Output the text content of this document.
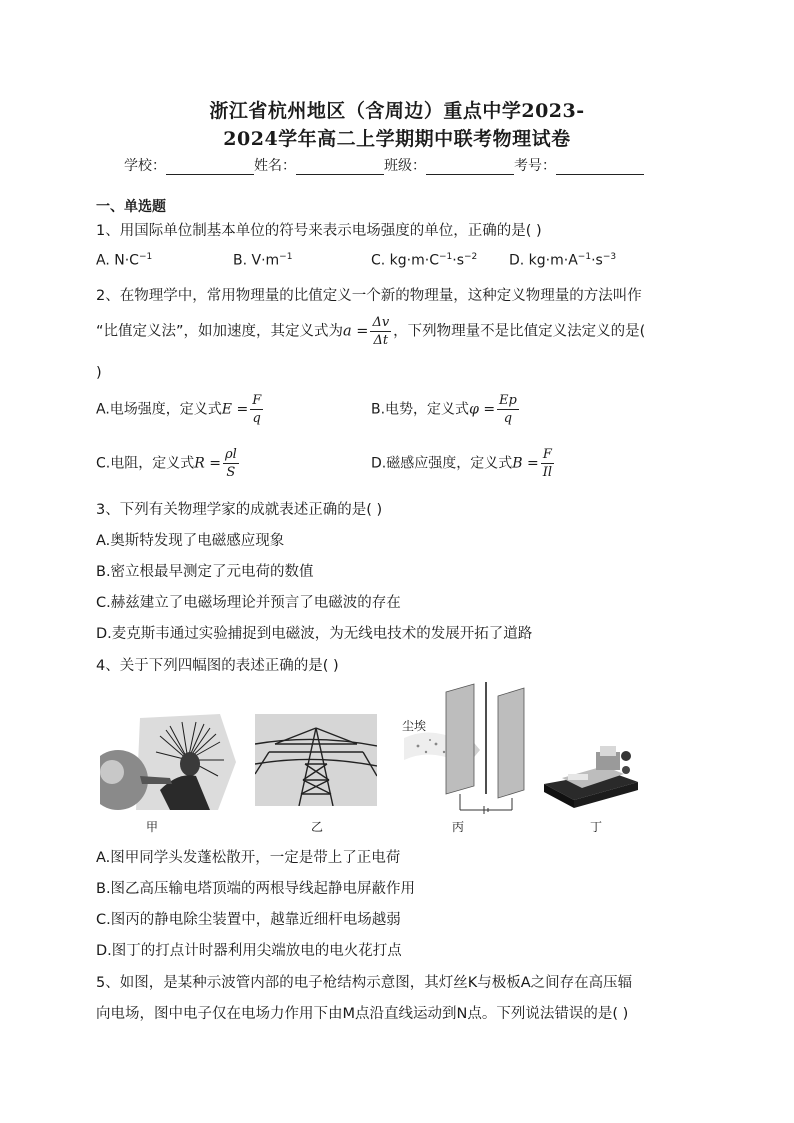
浙江省杭州地区（含周边）重点中学2023-
2024学年高二上学期期中联考物理试卷
学校：	姓名：	班级：	考号：
一、单选题
1、用国际单位制基本单位的符号来表示电场强度的单位，正确的是( )
A. $N\cdot C^{-1}$	B. $V\cdot m^{-1}$	C. $kg\cdot m\cdot C^{-1}\cdot s^{-2}$ D. $kg\cdot m\cdot A^{-1}\cdot s^{-3}$
2、在物理学中，常用物理量的比值定义一个新的物理量，这种定义物理量的方法叫作
“比值定义法”，如加速度，其定义式为$a = \frac{\Delta v}{\Delta t}$ ，下列物理量不是比值定义法定义的是(
)
A.电场强度，定义式$E = \frac{F}{q}$	B.电势，定义式$\varphi = \frac{Ep}{q}$
C.电阻，定义式$R = \frac{\rho l}{S}$	D.磁感应强度，定义式$B = \frac{F}{Il}$
3、下列有关物理学家的成就表述正确的是( )
A.奥斯特发现了电磁感应现象
B.密立根最早测定了元电荷的数值
C.赫兹建立了电磁场理论并预言了电磁波的存在
D.麦克斯韦通过实验捕捉到电磁波，为无线电技术的发展开拓了道路
4、关于下列四幅图的表述正确的是( )
甲	乙
尘埃
丙	丁
A.图甲同学头发蓬松散开，一定是带上了正电荷
B.图乙高压输电塔顶端的两根导线起静电屏蔽作用
C.图丙的静电除尘装置中，越靠近细杆电场越弱
D.图丁的打点计时器利用尖端放电的电火花打点
5、如图，是某种示波管内部的电子枪结构示意图，其灯丝K与极板A之间存在高压辐
向电场，图中电子仅在电场力作用下由M点沿直线运动到N点。下列说法错误的是( )
